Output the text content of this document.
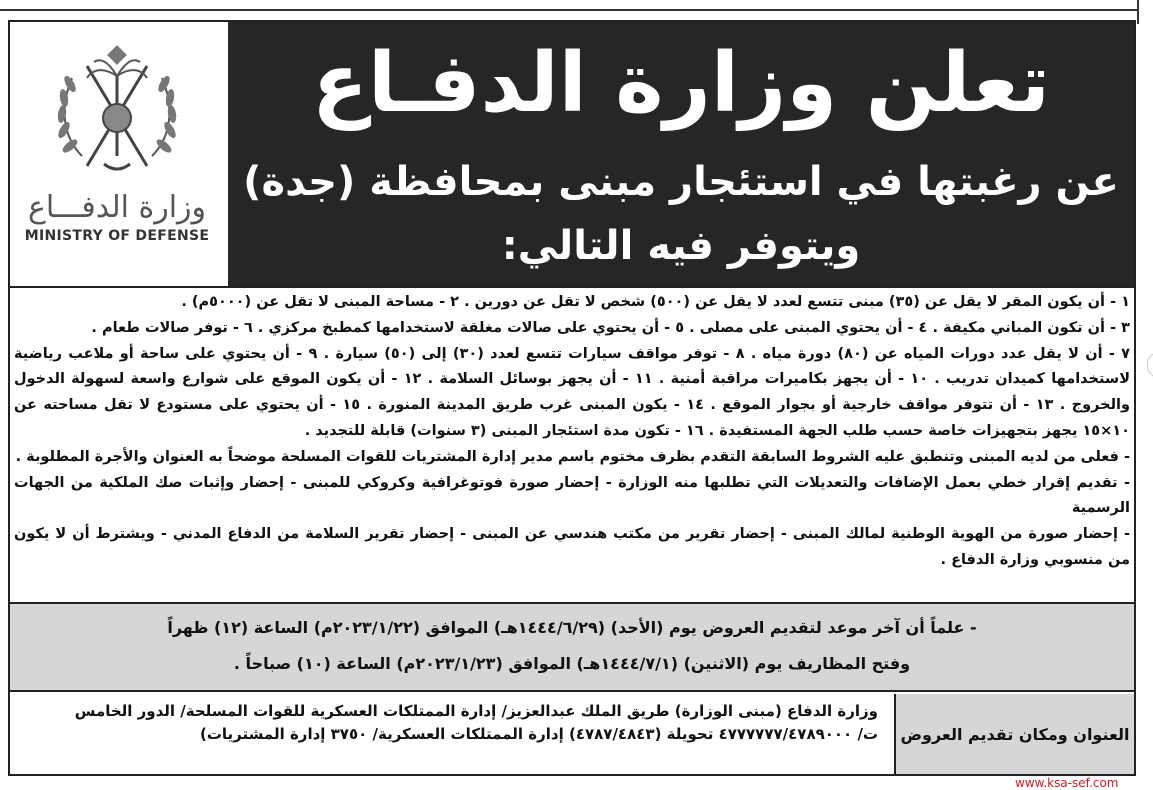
وزارة الدفـــاع
MINISTRY OF DEFENSE
تعلن وزارة الدفـاع
عن رغبتها في استئجار مبنى بمحافظة (جدة)
ويتوفر فيه التالي:

١ - أن يكون المقر لا يقل عن (٣٥) مبنى تتسع لعدد لا يقل عن (٥٠٠) شخص لا تقل عن دورين . ٢ - مساحة المبنى لا تقل عن (٥٠٠٠م) .

٣ - أن تكون المباني مكيفة . ٤ - أن يحتوي المبنى على مصلى . ٥ - أن يحتوي على صالات مغلقة لاستخدامها كمطبخ مركزي . ٦ - توفر صالات طعام .

٧ - أن لا يقل عدد دورات المياه عن (٨٠) دورة مياه . ٨ - توفر مواقف سيارات تتسع لعدد (٣٠) إلى (٥٠) سيارة . ٩ - أن يحتوي على ساحة أو ملاعب رياضية لاستخدامها كميدان تدريب . ١٠ - أن يجهز بكاميرات مراقبة أمنية . ١١ - أن يجهز بوسائل السلامة . ١٢ - أن يكون الموقع على شوارع واسعة لسهولة الدخول والخروج . ١٣ - أن تتوفر مواقف خارجية أو بجوار الموقع . ١٤ - يكون المبنى غرب طريق المدينة المنورة . ١٥ - أن يحتوي على مستودع لا تقل مساحته عن ١٠×١٥ يجهز بتجهيزات خاصة حسب طلب الجهة المستفيدة . ١٦ - تكون مدة استئجار المبنى (٣ سنوات) قابلة للتجديد .

- فعلى من لديه المبنى وتنطبق عليه الشروط السابقة التقدم بظرف مختوم باسم مدير إدارة المشتريات للقوات المسلحة موضحاً به العنوان والأجرة المطلوبة .

- تقديم إقرار خطي بعمل الإضافات والتعديلات التي تطلبها منه الوزارة - إحضار صورة فوتوغرافية وكروكي للمبنى - إحضار وإثبات صك الملكية من الجهات الرسمية

- إحضار صورة من الهوية الوطنية لمالك المبنى - إحضار تقرير من مكتب هندسي عن المبنى - إحضار تقرير السلامة من الدفاع المدني - ويشترط أن لا يكون من منسوبي وزارة الدفاع .

- علماً أن آخر موعد لتقديم العروض يوم (الأحد) (١٤٤٤/٦/٢٩هـ) الموافق (٢٠٢٣/١/٢٢م) الساعة (١٢) ظهراً
وفتح المظاريف يوم (الاثنين) (١٤٤٤/٧/١هـ) الموافق (٢٠٢٣/١/٢٣م) الساعة (١٠) صباحاً .
العنوان ومكان تقديم العروض
وزارة الدفاع (مبنى الوزارة) طريق الملك عبدالعزيز/ إدارة الممتلكات العسكرية للقوات المسلحة/ الدور الخامس
ت/ ٤٧٧٧٧٧٧/٤٧٨٩٠٠٠ تحويلة (٤٧٨٧/٤٨٤٣) إدارة الممتلكات العسكرية/ ٣٧٥٠ إدارة المشتريات)
www.ksa-sef.com
